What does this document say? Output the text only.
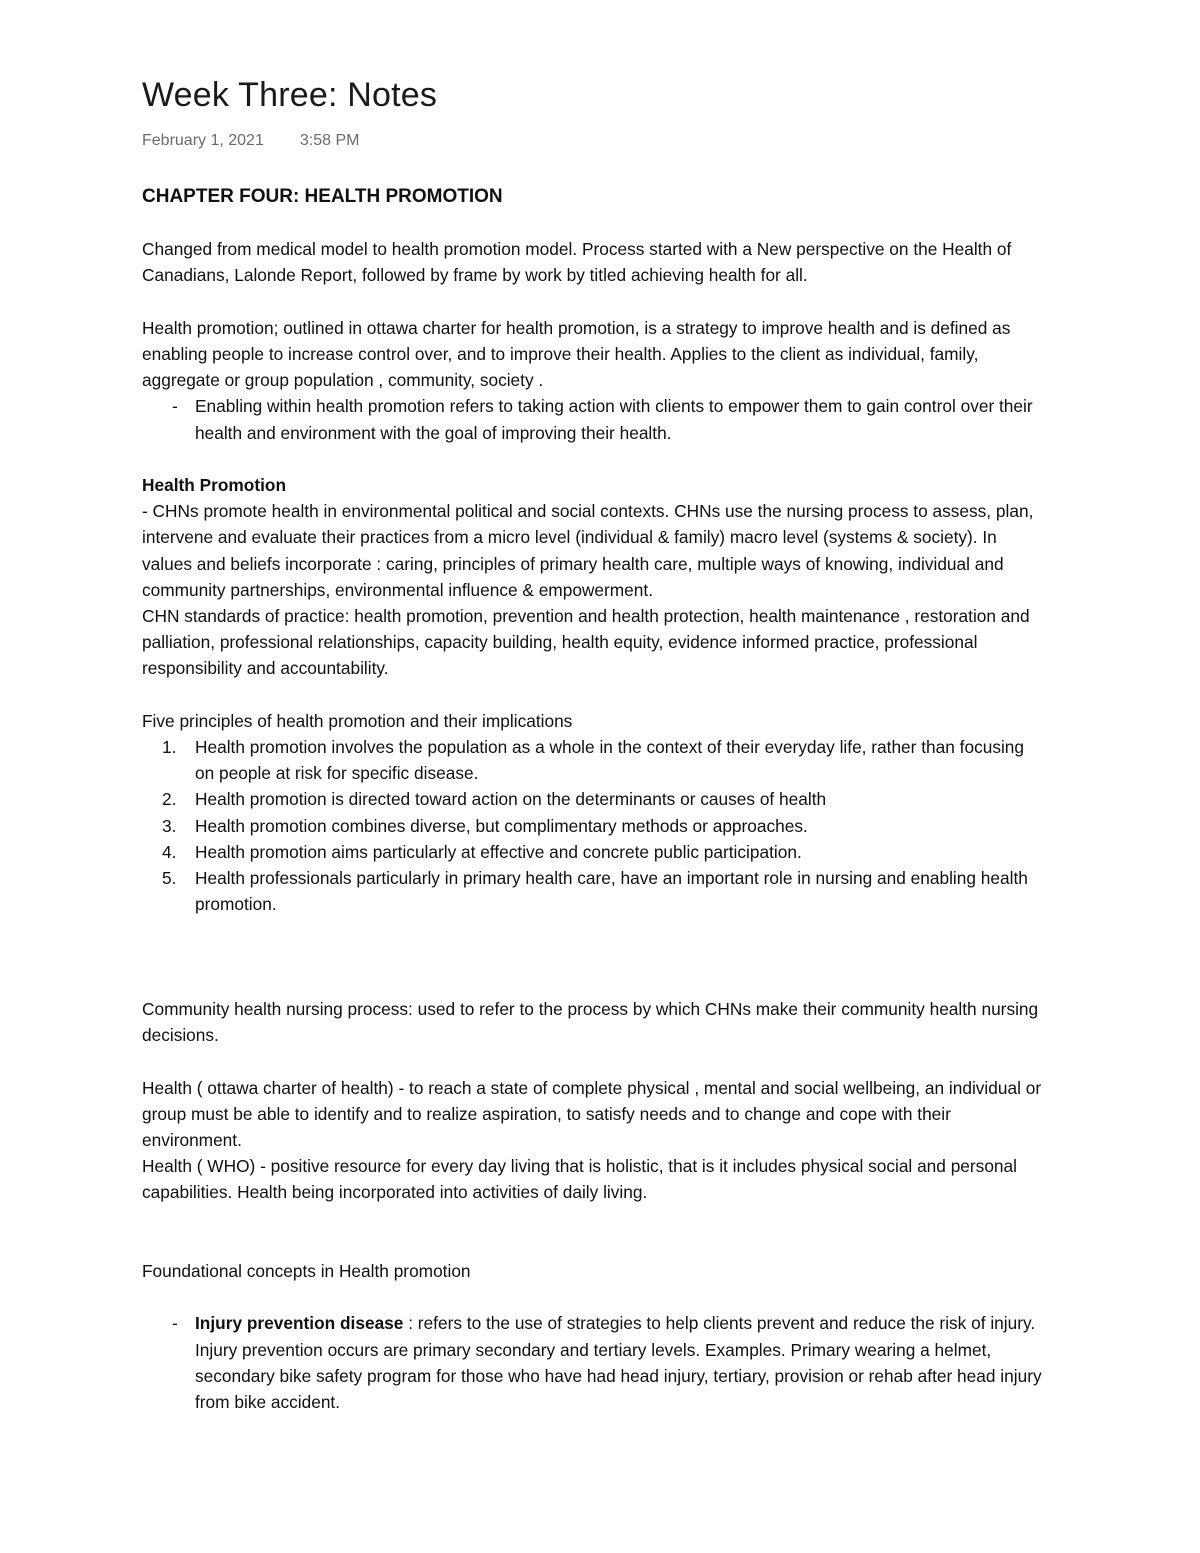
Week Three: Notes
February 1, 2021 3:58 PM
CHAPTER FOUR: HEALTH PROMOTION

Changed from medical model to health promotion model. Process started with a New perspective on the Health of Canadians, Lalonde Report, followed by frame by work by titled achieving health for all.

Health promotion; outlined in ottawa charter for health promotion, is a strategy to improve health and is defined as enabling people to increase control over, and to improve their health. Applies to the client as individual, family, aggregate or group population , community, society .

- Enabling within health promotion refers to taking action with clients to empower them to gain control over their health and environment with the goal of improving their health.

Health Promotion

- CHNs promote health in environmental political and social contexts. CHNs use the nursing process to assess, plan, intervene and evaluate their practices from a micro level (individual & family) macro level (systems & society). In values and beliefs incorporate : caring, principles of primary health care, multiple ways of knowing, individual and community partnerships, environmental influence & empowerment.

CHN standards of practice: health promotion, prevention and health protection, health maintenance , restoration and palliation, professional relationships, capacity building, health equity, evidence informed practice, professional responsibility and accountability.

Five principles of health promotion and their implications

1. Health promotion involves the population as a whole in the context of their everyday life, rather than focusing on people at risk for specific disease.
2. Health promotion is directed toward action on the determinants or causes of health
3. Health promotion combines diverse, but complimentary methods or approaches.
4. Health promotion aims particularly at effective and concrete public participation.
5. Health professionals particularly in primary health care, have an important role in nursing and enabling health promotion.

Community health nursing process: used to refer to the process by which CHNs make their community health nursing decisions.

Health ( ottawa charter of health) - to reach a state of complete physical , mental and social wellbeing, an individual or group must be able to identify and to realize aspiration, to satisfy needs and to change and cope with their environment.

Health ( WHO) - positive resource for every day living that is holistic, that is it includes physical social and personal capabilities. Health being incorporated into activities of daily living.

Foundational concepts in Health promotion

- Injury prevention disease : refers to the use of strategies to help clients prevent and reduce the risk of injury. Injury prevention occurs are primary secondary and tertiary levels. Examples. Primary wearing a helmet, secondary bike safety program for those who have had head injury, tertiary, provision or rehab after head injury from bike accident.
